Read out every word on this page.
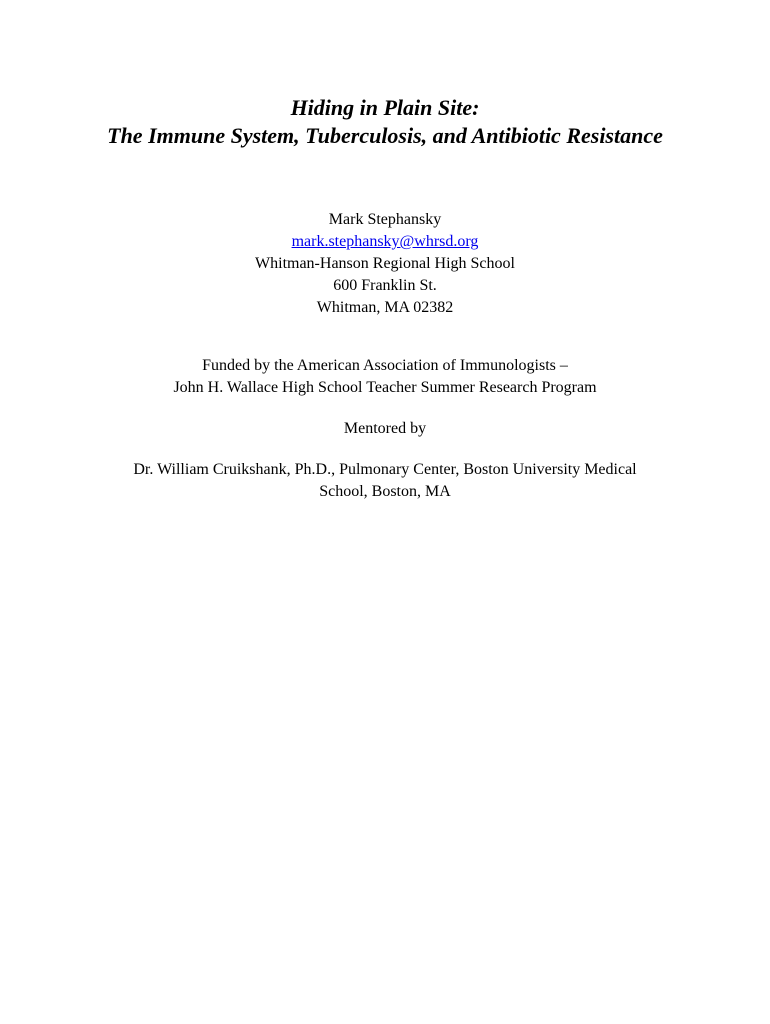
Hiding in Plain Site:
The Immune System, Tuberculosis, and Antibiotic Resistance
Mark Stephansky
mark.stephansky@whrsd.org
Whitman-Hanson Regional High School
600 Franklin St.
Whitman, MA 02382
Funded by the American Association of Immunologists –
John H. Wallace High School Teacher Summer Research Program
Mentored by
Dr. William Cruikshank, Ph.D., Pulmonary Center, Boston University Medical
School, Boston, MA
